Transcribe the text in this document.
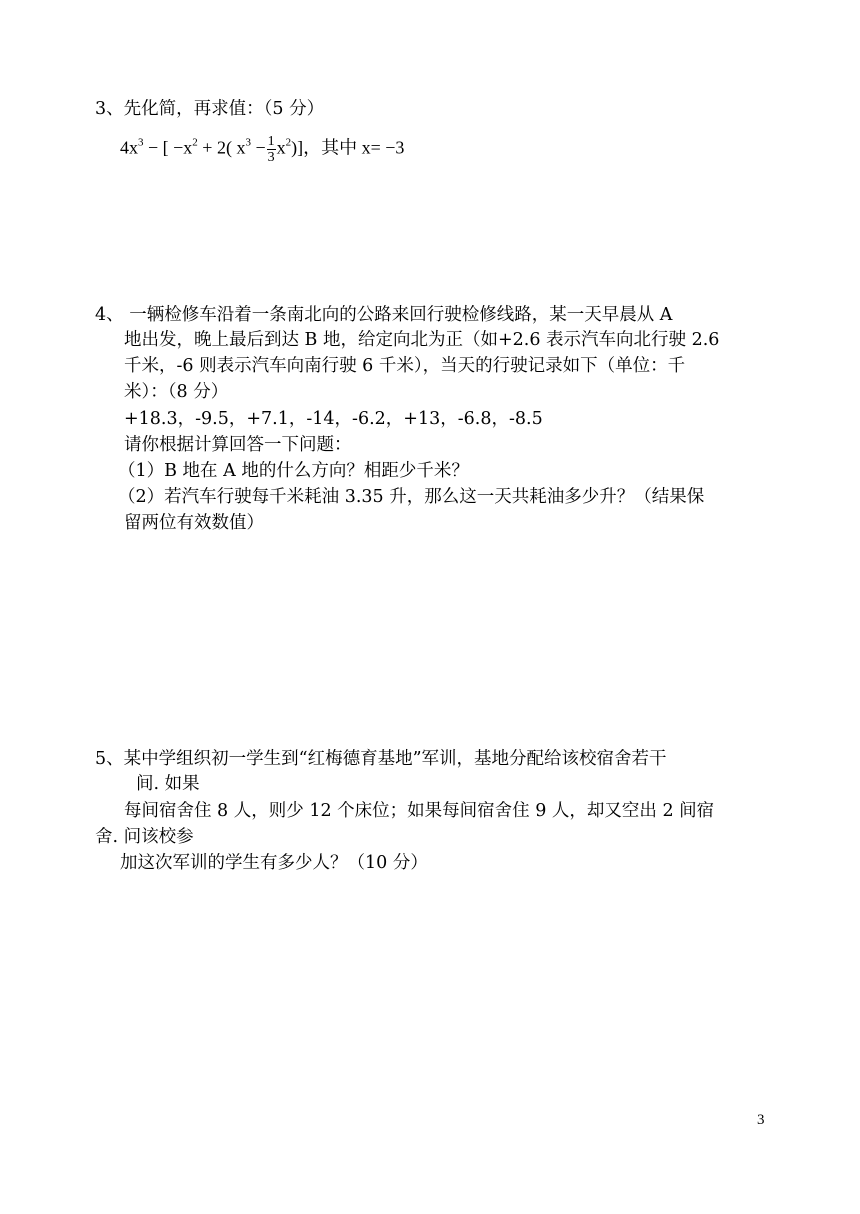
3、先化简，再求值：（5 分）
$4x^3$ − [ $-x^2 + 2$( $x^3 - \frac{1}{3} x^2$)]，其中 x= −3
4、 一辆检修车沿着一条南北向的公路来回行驶检修线路，某一天早晨从 A
地出发，晚上最后到达 B 地，给定向北为正（如+2.6 表示汽车向北行驶 2.6
千米，-6 则表示汽车向南行驶 6 千米），当天的行驶记录如下（单位：千
米）：（8 分）
+18.3，-9.5，+7.1，-14，-6.2，+13，-6.8，-8.5
请你根据计算回答一下问题：
（1）B 地在 A 地的什么方向？相距少千米？
（2）若汽车行驶每千米耗油 3.35 升，那么这一天共耗油多少升？（结果保
留两位有效数值）
5、某中学组织初一学生到“红梅德育基地”军训，基地分配给该校宿舍若干
间. 如果
每间宿舍住 8 人，则少 12 个床位；如果每间宿舍住 9 人，却又空出 2 间宿
舍. 问该校参
加这次军训的学生有多少人？（10 分）
3
